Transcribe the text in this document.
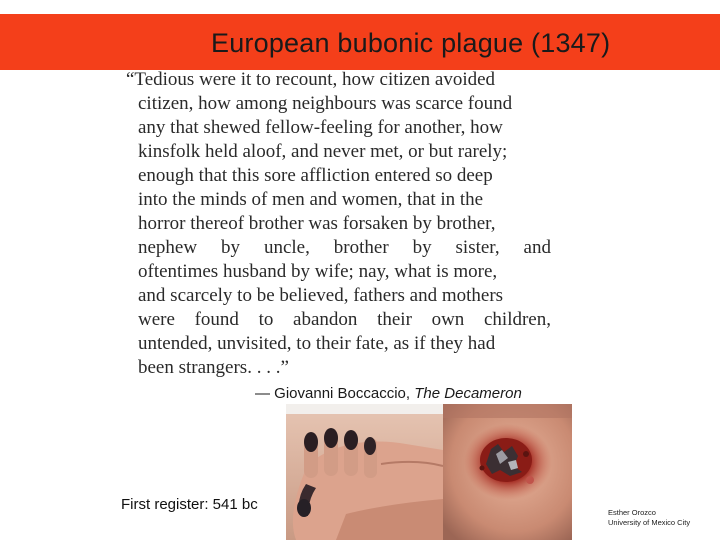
European bubonic plague (1347)
“Tedious were it to recount, how citizen avoided
citizen, how among neighbours was scarce found
any that shewed fellow-feeling for another, how
kinsfolk held aloof, and never met, or but rarely;
enough that this sore affliction entered so deep
into the minds of men and women, that in the
horror thereof brother was forsaken by brother,
nephew by uncle, brother by sister, and
oftentimes husband by wife; nay, what is more,
and scarcely to be believed, fathers and mothers
were found to abandon their own children,
untended, unvisited, to their fate, as if they had
been strangers. . . .”
— Giovanni Boccaccio, The Decameron
First register: 541 bc	Esther Orozco
University of Mexico City
